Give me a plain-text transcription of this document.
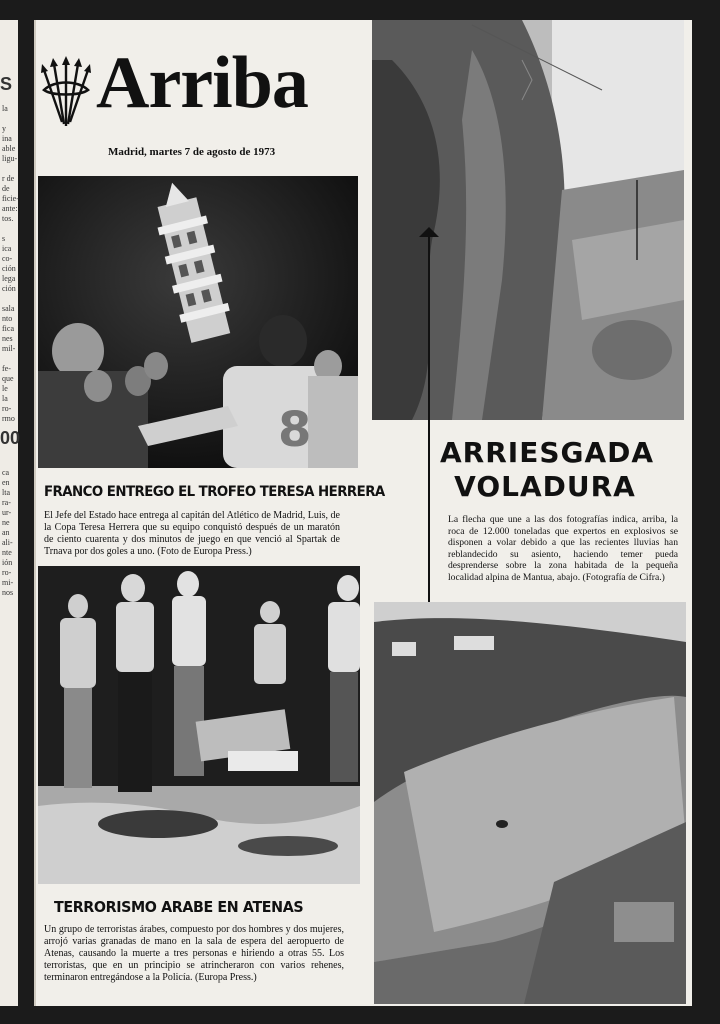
S
la
y
ina
able
ligu-
r de
de
ficie-
ante:
tos.
s
ica
co-
ción
lega
ción
sala
nto
fica
nes
mil-
fe-
que
le
la
ro-
rmo
00
ca
en
lta
ra-
ur-
ne
an
ali-
nte
ión
ro-
mi-
nos
Arriba
Madrid, martes 7 de agosto de 1973
8
FRANCO ENTREGO EL TROFEO TERESA HERRERA
El Jefe del Estado hace entrega al capitán del Atlético de Madrid, Luis, de la Copa Teresa Herrera que su equipo conquistó después de un maratón de ciento cuarenta y dos minutos de juego en que venció al Spartak de Trnava por dos goles a uno. (Foto de Europa Press.)
TERRORISMO ARABE EN ATENAS
Un grupo de terroristas árabes, compuesto por dos hombres y dos mujeres, arrojó varias granadas de mano en la sala de espera del aeropuerto de Atenas, causando la muerte a tres personas e hiriendo a otras 55. Los terroristas, que en un principio se atrincheraron con varios rehenes, terminaron entregándose a la Policía. (Europa Press.)
ARRIESGADA
VOLADURA
La flecha que une a las dos fotografías indica, arriba, la roca de 12.000 toneladas que expertos en explosivos se disponen a volar debido a que las recientes lluvias han reblandecido su asiento, haciendo temer pueda desprenderse sobre la zona habitada de la pequeña localidad alpina de Mantua, abajo. (Fotografía de Cifra.)
